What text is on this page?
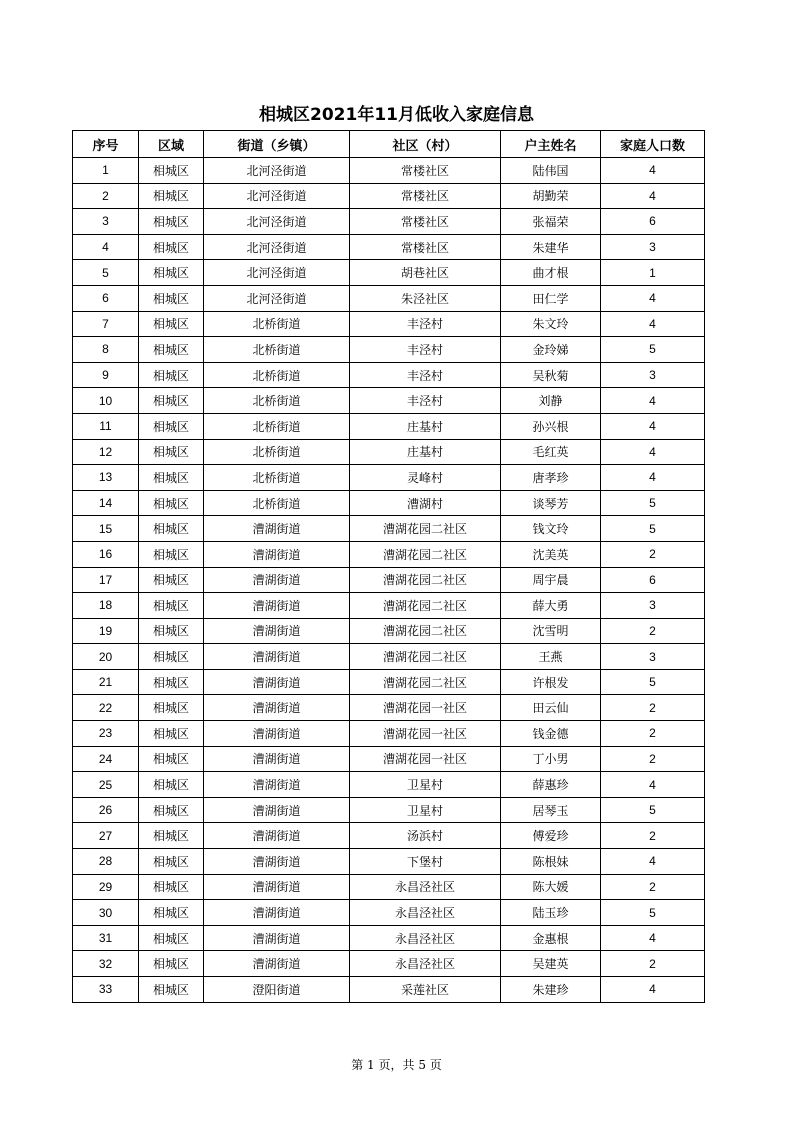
相城区2021年11月低收入家庭信息
序号	区域	街道（乡镇）	社区（村）	户主姓名	家庭人口数
1	相城区	北河泾街道	常楼社区	陆伟国	4
2	相城区	北河泾街道	常楼社区	胡勤荣	4
3	相城区	北河泾街道	常楼社区	张福荣	6
4	相城区	北河泾街道	常楼社区	朱建华	3
5	相城区	北河泾街道	胡巷社区	曲才根	1
6	相城区	北河泾街道	朱泾社区	田仁学	4
7	相城区	北桥街道	丰泾村	朱文玲	4
8	相城区	北桥街道	丰泾村	金玲娣	5
9	相城区	北桥街道	丰泾村	吴秋菊	3
10	相城区	北桥街道	丰泾村	刘静	4
11	相城区	北桥街道	庄基村	孙兴根	4
12	相城区	北桥街道	庄基村	毛红英	4
13	相城区	北桥街道	灵峰村	唐孝珍	4
14	相城区	北桥街道	漕湖村	谈琴芳	5
15	相城区	漕湖街道	漕湖花园二社区	钱文玲	5
16	相城区	漕湖街道	漕湖花园二社区	沈美英	2
17	相城区	漕湖街道	漕湖花园二社区	周宇晨	6
18	相城区	漕湖街道	漕湖花园二社区	薛大勇	3
19	相城区	漕湖街道	漕湖花园二社区	沈雪明	2
20	相城区	漕湖街道	漕湖花园二社区	王燕	3
21	相城区	漕湖街道	漕湖花园二社区	许根发	5
22	相城区	漕湖街道	漕湖花园一社区	田云仙	2
23	相城区	漕湖街道	漕湖花园一社区	钱金德	2
24	相城区	漕湖街道	漕湖花园一社区	丁小男	2
25	相城区	漕湖街道	卫星村	薛惠珍	4
26	相城区	漕湖街道	卫星村	居琴玉	5
27	相城区	漕湖街道	汤浜村	傅爱珍	2
28	相城区	漕湖街道	下堡村	陈根妹	4
29	相城区	漕湖街道	永昌泾社区	陈大媛	2
30	相城区	漕湖街道	永昌泾社区	陆玉珍	5
31	相城区	漕湖街道	永昌泾社区	金惠根	4
32	相城区	漕湖街道	永昌泾社区	吴建英	2
33	相城区	澄阳街道	采莲社区	朱建珍	4
第 1 页，共 5 页
